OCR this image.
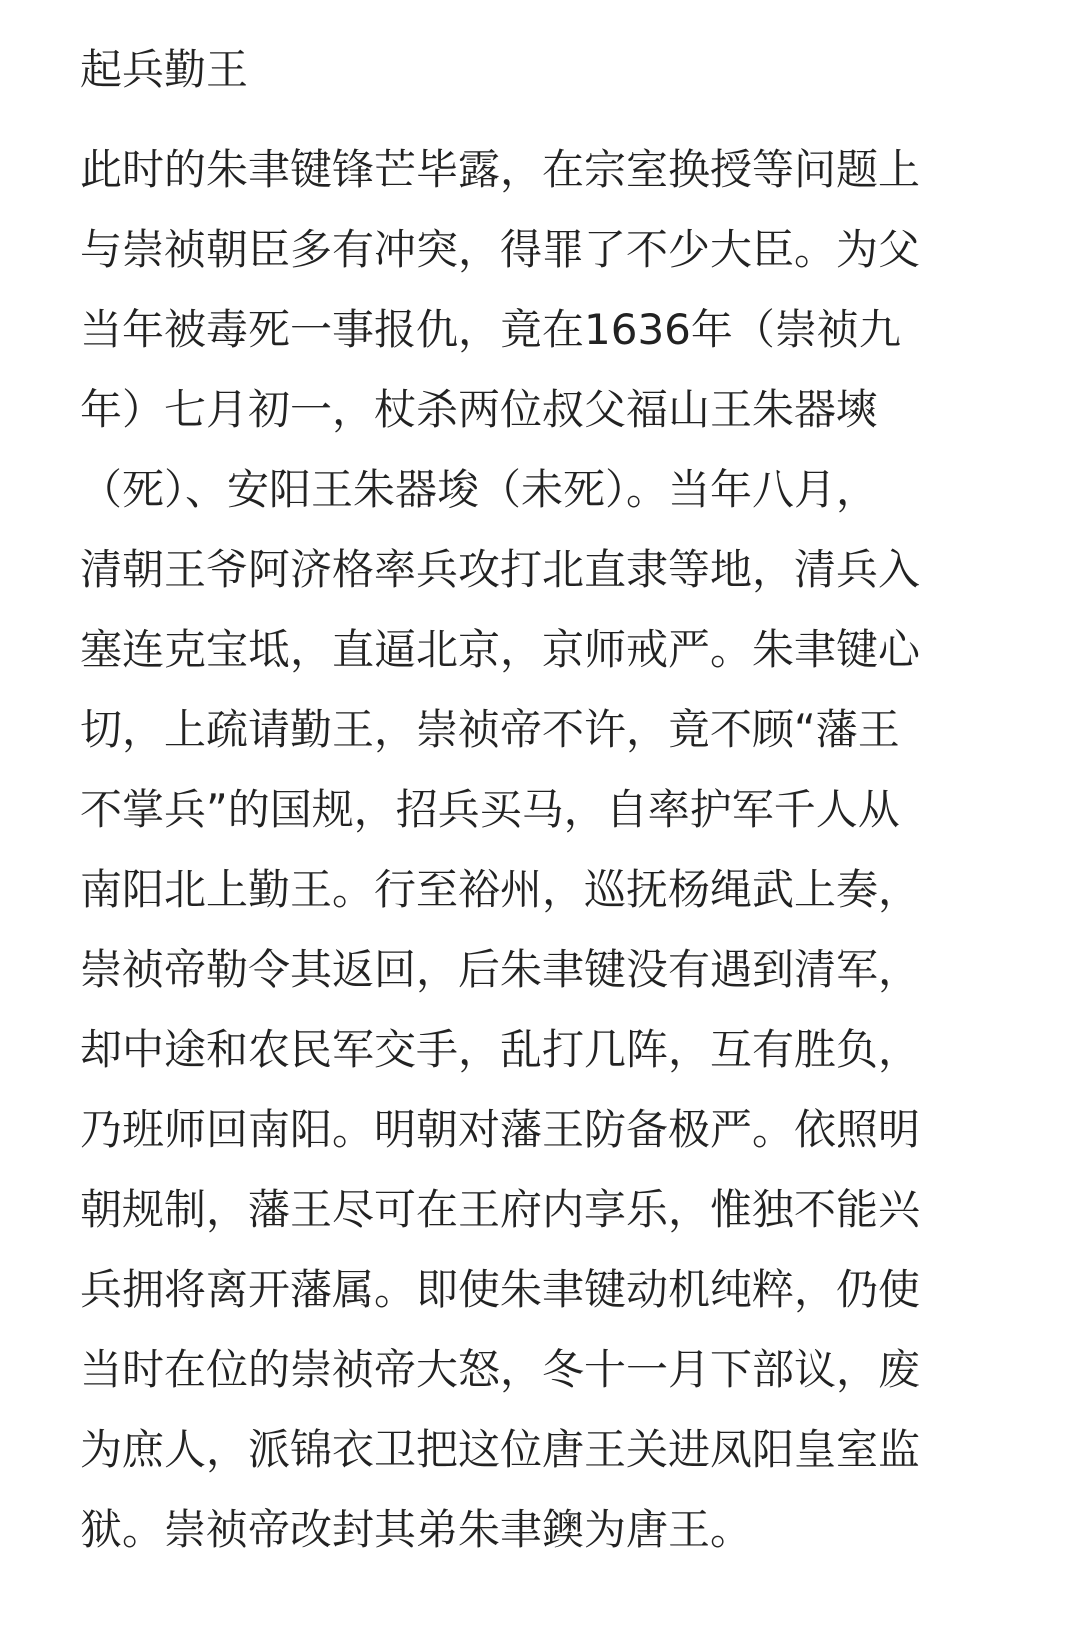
起兵勤王
此时的朱聿键锋芒毕露，在宗室换授等问题上
与崇祯朝臣多有冲突，得罪了不少大臣。为父
当年被毒死一事报仇，竟在1636年（崇祯九
年）七月初一，杖杀两位叔父福山王朱器塽
（死）、安阳王朱器埈（未死）。当年八月，
清朝王爷阿济格率兵攻打北直隶等地，清兵入
塞连克宝坻，直逼北京，京师戒严。朱聿键心
切，上疏请勤王，崇祯帝不许，竟不顾“藩王
不掌兵”的国规，招兵买马，自率护军千人从
南阳北上勤王。行至裕州，巡抚杨绳武上奏，
崇祯帝勒令其返回，后朱聿键没有遇到清军，
却中途和农民军交手，乱打几阵，互有胜负，
乃班师回南阳。明朝对藩王防备极严。依照明
朝规制，藩王尽可在王府内享乐，惟独不能兴
兵拥将离开藩属。即使朱聿键动机纯粹，仍使
当时在位的崇祯帝大怒，冬十一月下部议，废
为庶人，派锦衣卫把这位唐王关进凤阳皇室监
狱。崇祯帝改封其弟朱聿鐭为唐王。
